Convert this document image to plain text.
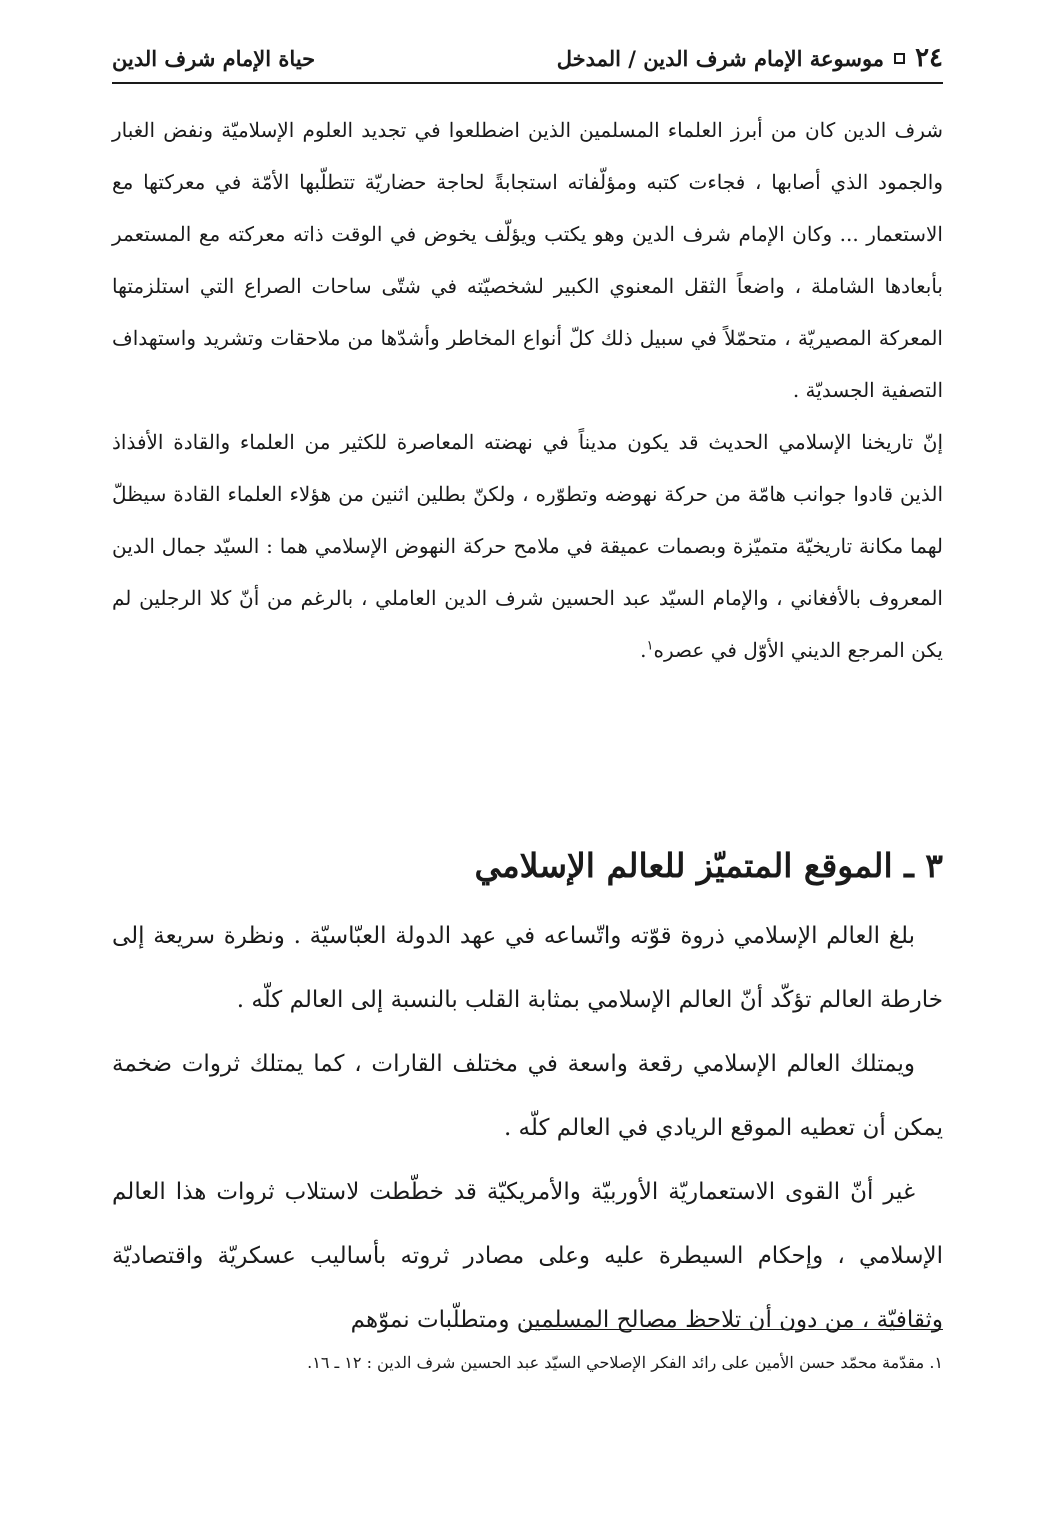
٢٤
موسوعة الإمام شرف الدين / المدخل
حياة الإمام شرف الدين

شرف الدين كان من أبرز العلماء المسلمين الذين اضطلعوا في تجديد العلوم الإسلاميّة ونفض الغبار والجمود الذي أصابها ، فجاءت كتبه ومؤلّفاته استجابةً لحاجة حضاريّة تتطلّبها الأمّة في معركتها مع الاستعمار ... وكان الإمام شرف الدين وهو يكتب ويؤلّف يخوض في الوقت ذاته معركته مع المستعمر بأبعادها الشاملة ، واضعاً الثقل المعنوي الكبير لشخصيّته في شتّى ساحات الصراع التي استلزمتها المعركة المصيريّة ، متحمّلاً في سبيل ذلك كلّ أنواع المخاطر وأشدّها من ملاحقات وتشريد واستهداف التصفية الجسديّة .

إنّ تاريخنا الإسلامي الحديث قد يكون مديناً في نهضته المعاصرة للكثير من العلماء والقادة الأفذاذ الذين قادوا جوانب هامّة من حركة نهوضه وتطوّره ، ولكنّ بطلين اثنين من هؤلاء العلماء القادة سيظلّ لهما مكانة تاريخيّة متميّزة وبصمات عميقة في ملامح حركة النهوض الإسلامي هما : السيّد جمال الدين المعروف بالأفغاني ، والإمام السيّد عبد الحسين شرف الدين العاملي ، بالرغم من أنّ كلا الرجلين لم يكن المرجع الديني الأوّل في عصره$^١$.

٣ ـ الموقع المتميّز للعالم الإسلامي

بلغ العالم الإسلامي ذروة قوّته واتّساعه في عهد الدولة العبّاسيّة . ونظرة سريعة إلى خارطة العالم تؤكّد أنّ العالم الإسلامي بمثابة القلب بالنسبة إلى العالم كلّه .

ويمتلك العالم الإسلامي رقعة واسعة في مختلف القارات ، كما يمتلك ثروات ضخمة يمكن أن تعطيه الموقع الريادي في العالم كلّه .

غير أنّ القوى الاستعماريّة الأوربيّة والأمريكيّة قد خطّطت لاستلاب ثروات هذا العالم الإسلامي ، وإحكام السيطرة عليه وعلى مصادر ثروته بأساليب عسكريّة واقتصاديّة وثقافيّة ، من دون أن تلاحظ مصالح المسلمين ومتطلّبات نموّهم

١. مقدّمة محمّد حسن الأمين على رائد الفكر الإصلاحي السيّد عبد الحسين شرف الدين : ١٢ ـ ١٦.
